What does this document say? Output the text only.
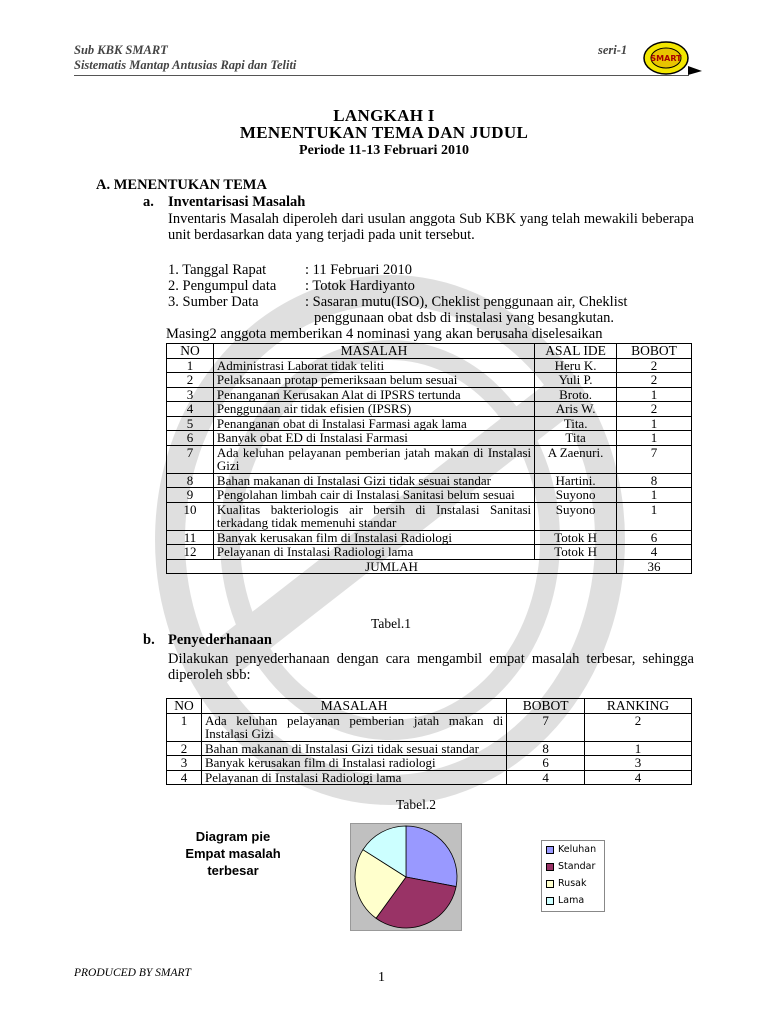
Sub KBK SMART
Sistematis Mantap Antusias Rapi dan Teliti
seri-1
SMART
LANGKAH I
MENENTUKAN TEMA DAN JUDUL
Periode 11-13 Februari 2010
A. MENENTUKAN TEMA
a. Inventarisasi Masalah
Inventaris Masalah diperoleh dari usulan anggota Sub KBK yang telah mewakili beberapa unit berdasarkan data yang terjadi pada unit tersebut.
1. Tanggal Rapat	: 11 Februari 2010
2. Pengumpul data : Totok Hardiyanto
3. Sumber Data	: Sasaran mutu(ISO), Cheklist penggunaan air, Cheklist
penggunaan obat dsb di instalasi yang besangkutan.
Masing2 anggota memberikan 4 nominasi yang akan berusaha diselesaikan
NO	MASALAH	ASAL IDE	BOBOT
1	Administrasi Laborat tidak teliti	Heru K.	2
2	Pelaksanaan protap pemeriksaan belum sesuai	Yuli P.	2
3	Penanganan Kerusakan Alat di IPSRS tertunda	Broto.	1
4	Penggunaan air tidak efisien (IPSRS)	Aris W.	2
5	Penanganan obat di Instalasi Farmasi agak lama	Tita.	1
6	Banyak obat ED di Instalasi Farmasi	Tita	1
7	Ada keluhan pelayanan pemberian jatah makan di Instalasi Gizi	A Zaenuri.	7
8	Bahan makanan di Instalasi Gizi tidak sesuai standar	Hartini.	8
9	Pengolahan limbah cair di Instalasi Sanitasi belum sesuai	Suyono	1
10	Kualitas bakteriologis air bersih di Instalasi Sanitasi terkadang tidak memenuhi standar	Suyono	1
11	Banyak kerusakan film di Instalasi Radiologi	Totok H	6
12	Pelayanan di Instalasi Radiologi lama	Totok H	4
JUMLAH			36
Tabel.1
b. Penyederhanaan
Dilakukan penyederhanaan dengan cara mengambil empat masalah terbesar, sehingga diperoleh sbb:
NO	MASALAH	BOBOT	RANKING
1	Ada keluhan pelayanan pemberian jatah makan di Instalasi Gizi	7	2
2	Bahan makanan di Instalasi Gizi tidak sesuai standar	8	1
3	Banyak kerusakan film di Instalasi radiologi	6	3
4	Pelayanan di Instalasi Radiologi lama	4	4
Tabel.2
Diagram pie
Empat masalah
terbesar
Keluhan
Standar
Rusak
Lama
PRODUCED BY SMART	1
